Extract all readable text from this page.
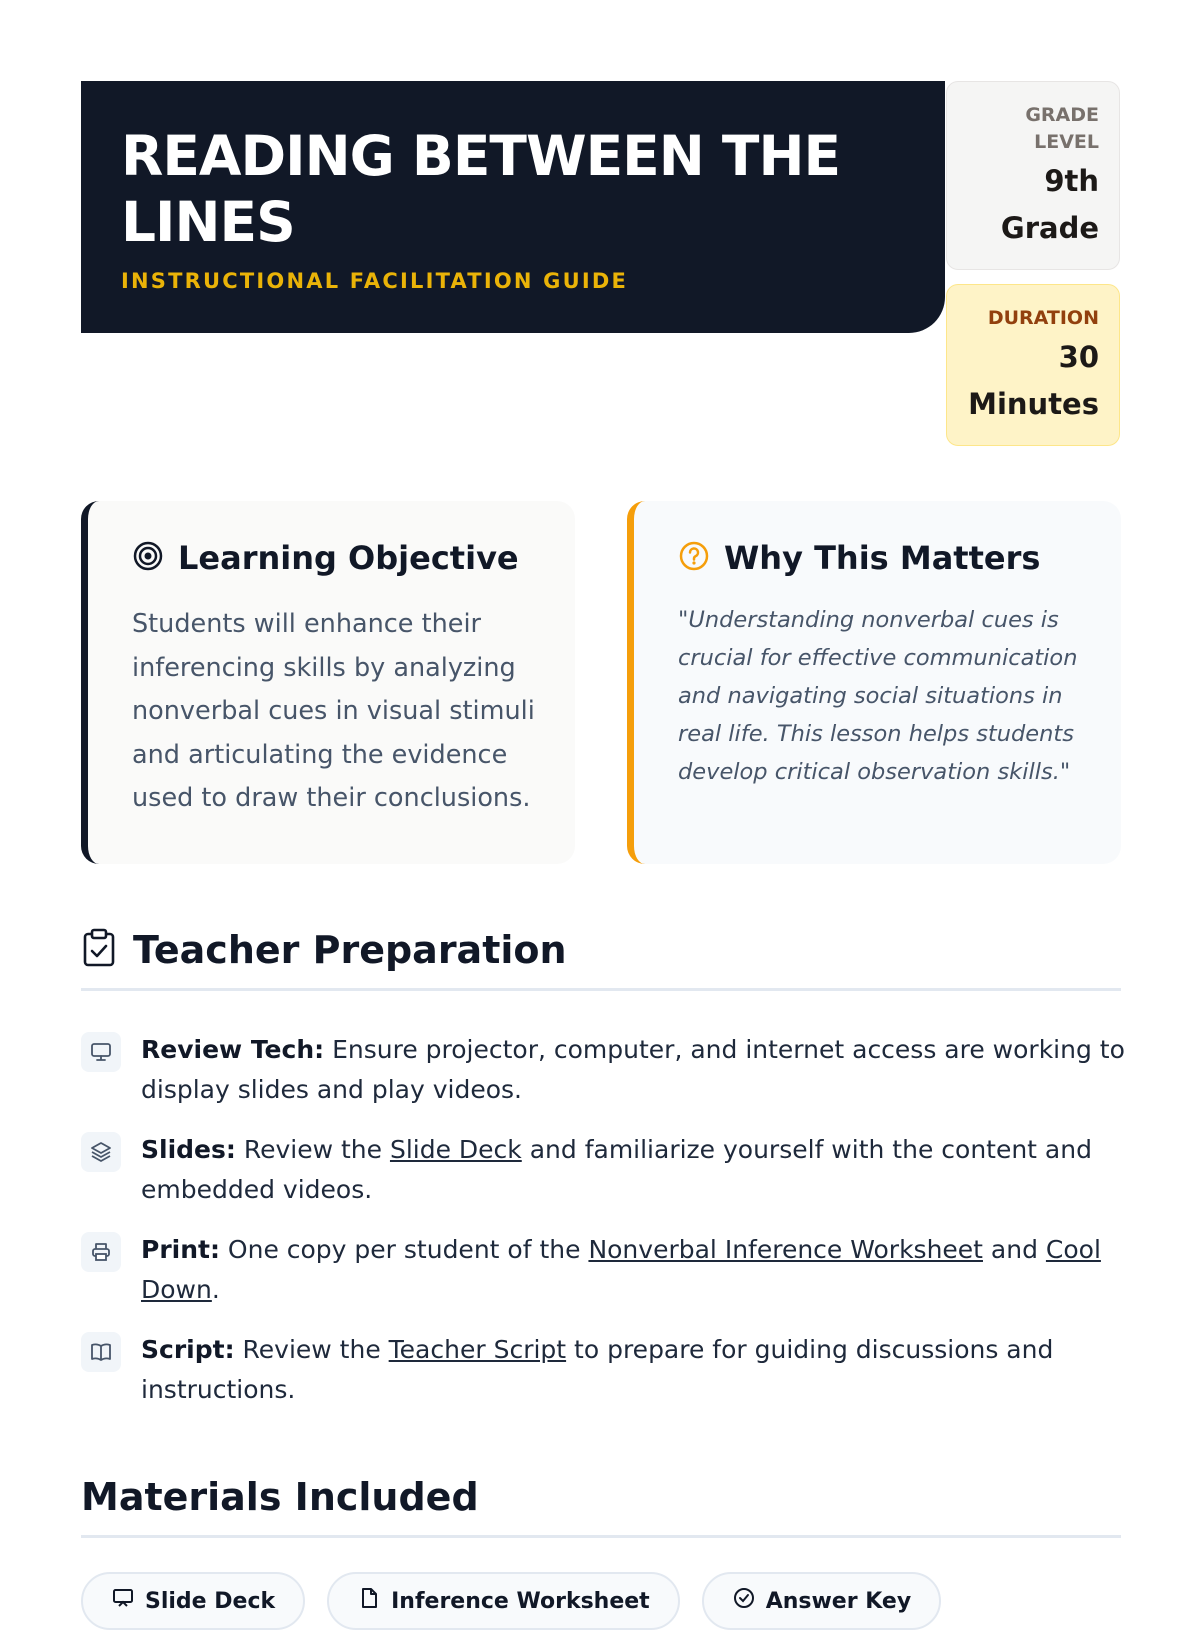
READING BETWEEN THE LINES
INSTRUCTIONAL FACILITATION GUIDE
GRADE LEVEL
9th Grade
DURATION
30 Minutes
Learning Objective
Students will enhance their inferencing skills by analyzing nonverbal cues in visual stimuli and articulating the evidence used to draw their conclusions.
Why This Matters
"Understanding nonverbal cues is crucial for effective communication and navigating social situations in real life. This lesson helps students develop critical observation skills."
Teacher Preparation
Review Tech: Ensure projector, computer, and internet access are working to display slides and play videos.
Slides: Review the Slide Deck and familiarize yourself with the content and embedded videos.
Print: One copy per student of the Nonverbal Inference Worksheet and Cool Down.
Script: Review the Teacher Script to prepare for guiding discussions and instructions.
Materials Included
Slide Deck	Inference Worksheet	Answer Key
